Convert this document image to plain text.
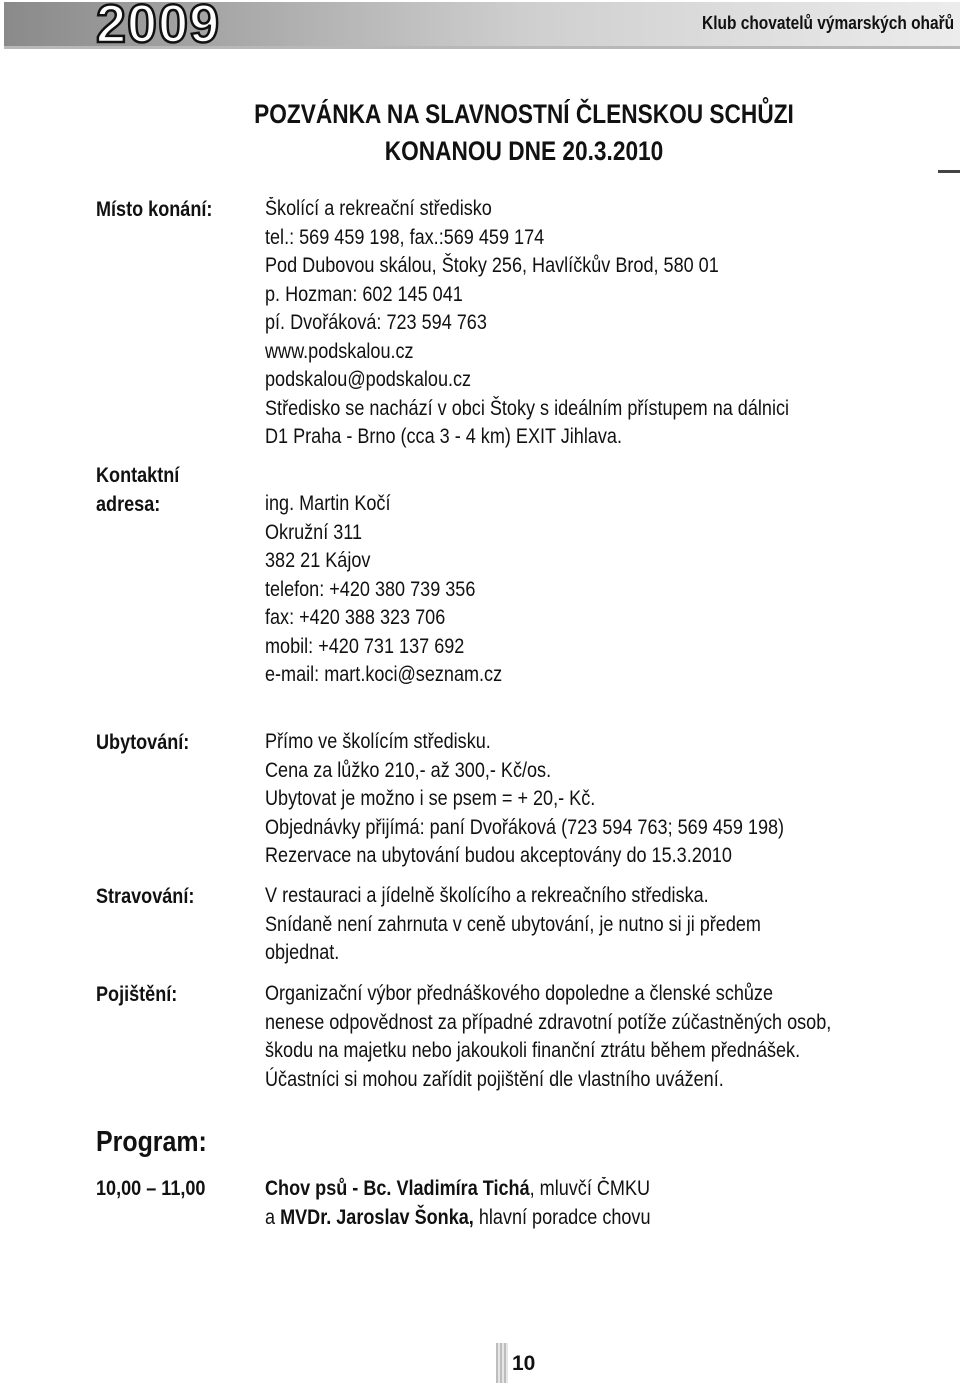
2009	Klub chovatelů výmarských ohařů
POZVÁNKA NA SLAVNOSTNÍ ČLENSKOU SCHŮZI
KONANOU DNE 20.3.2010
Místo konání:	Školící a rekreační středisko
tel.: 569 459 198, fax.:569 459 174
Pod Dubovou skálou, Štoky 256, Havlíčkův Brod, 580 01
p. Hozman: 602 145 041
pí. Dvořáková: 723 594 763
www.podskalou.cz
podskalou@podskalou.cz
Středisko se nachází v obci Štoky s ideálním přístupem na dálnici
D1 Praha - Brno (cca 3 - 4 km) EXIT Jihlava.
Kontaktní
adresa:	ing. Martin Kočí
Okružní 311
382 21 Kájov
telefon: +420 380 739 356
fax: +420 388 323 706
mobil: +420 731 137 692
e-mail: mart.koci@seznam.cz
Ubytování:	Přímo ve školícím středisku.
Cena za lůžko 210,- až 300,- Kč/os.
Ubytovat je možno i se psem = + 20,- Kč.
Objednávky přijímá: paní Dvořáková (723 594 763; 569 459 198)
Rezervace na ubytování budou akceptovány do 15.3.2010
Stravování:	V restauraci a jídelně školícího a rekreačního střediska.
Snídaně není zahrnuta v ceně ubytování, je nutno si ji předem
objednat.
Pojištění:	Organizační výbor přednáškového dopoledne a členské schůze
nenese odpovědnost za případné zdravotní potíže zúčastněných osob,
škodu na majetku nebo jakoukoli finanční ztrátu během přednášek.
Účastníci si mohou zařídit pojištění dle vlastního uvážení.
Program:
10,00 – 11,00	Chov psů - Bc. Vladimíra Tichá, mluvčí ČMKU
a MVDr. Jaroslav Šonka, hlavní poradce chovu
10
